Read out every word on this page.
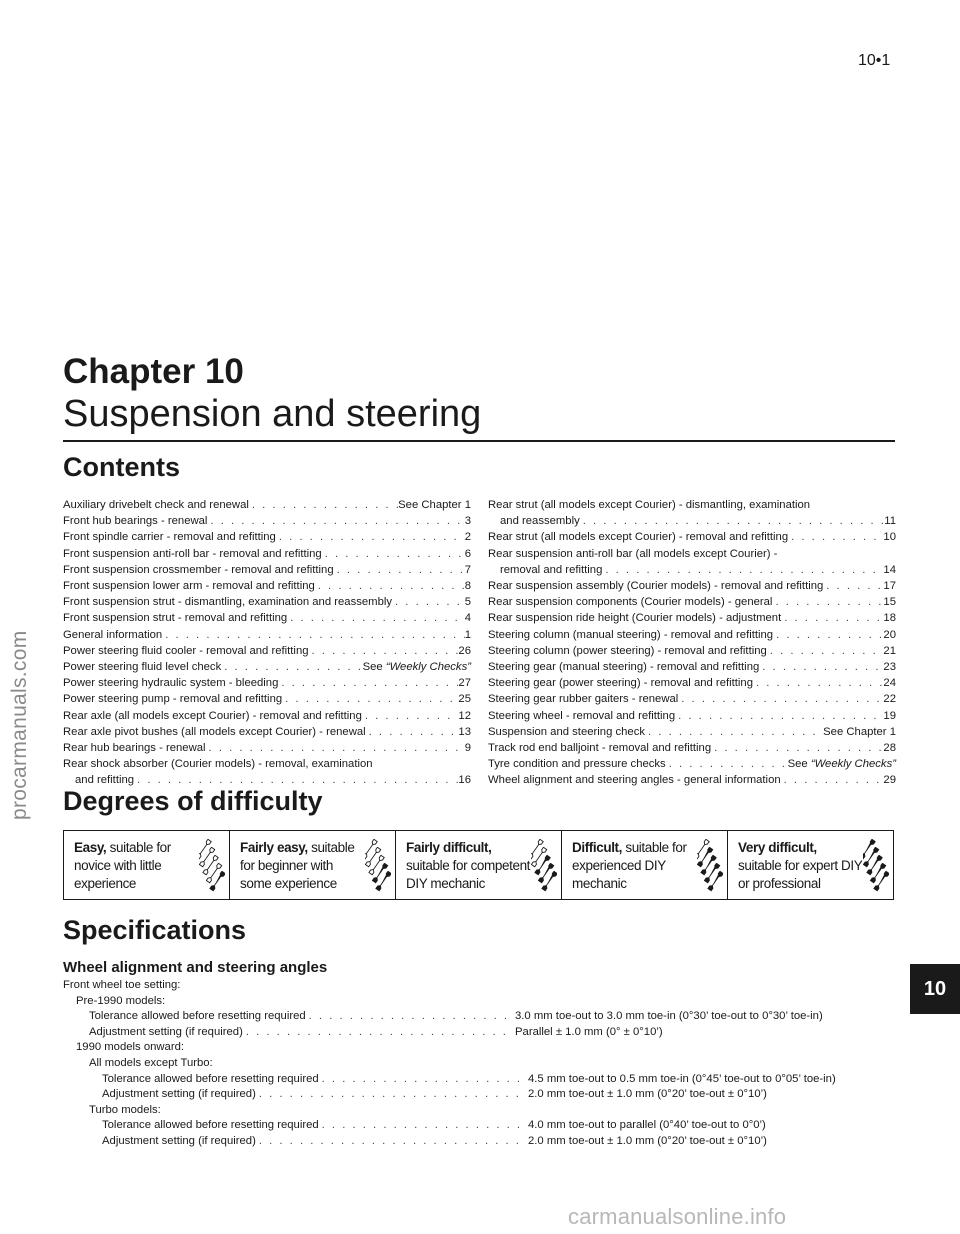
10•1
procarmanuals.com
Chapter 10
Suspension and steering
Contents
Auxiliary drivebelt check and renewal . . .	See Chapter 1
Front hub bearings - renewal . . .	3
Front spindle carrier - removal and refitting . . .	2
Front suspension anti-roll bar - removal and refitting . . .	6
Front suspension crossmember - removal and refitting . . .	7
Front suspension lower arm - removal and refitting . . .	8
Front suspension strut - dismantling, examination and reassembly . . .	5
Front suspension strut - removal and refitting . . .	4
General information . . .	1
Power steering fluid cooler - removal and refitting . . .	26
Power steering fluid level check . . .	See “Weekly Checks”
Power steering hydraulic system - bleeding . . .	27
Power steering pump - removal and refitting . . .	25
Rear axle (all models except Courier) - removal and refitting . . .	12
Rear axle pivot bushes (all models except Courier) - renewal . . .	13
Rear hub bearings - renewal . . .	9
Rear shock absorber (Courier models) - removal, examination
and refitting . . .	16
Rear strut (all models except Courier) - dismantling, examination
and reassembly . . .	11
Rear strut (all models except Courier) - removal and refitting . . .	10
Rear suspension anti-roll bar (all models except Courier) -
removal and refitting . . .	14
Rear suspension assembly (Courier models) - removal and refitting . . .	17
Rear suspension components (Courier models) - general . . .	15
Rear suspension ride height (Courier models) - adjustment . . .	18
Steering column (manual steering) - removal and refitting . . .	20
Steering column (power steering) - removal and refitting . . .	21
Steering gear (manual steering) - removal and refitting . . .	23
Steering gear (power steering) - removal and refitting . . .	24
Steering gear rubber gaiters - renewal . . .	22
Steering wheel - removal and refitting . . .	19
Suspension and steering check . . .	See Chapter 1
Track rod end balljoint - removal and refitting . . .	28
Tyre condition and pressure checks . . .	See “Weekly Checks”
Wheel alignment and steering angles - general information . . .	29
Degrees of difficulty
Easy, suitable for
novice with little
experience
Fairly easy, suitable
for beginner with
some experience
Fairly difficult,
suitable for competent
DIY mechanic
Difficult, suitable for
experienced DIY
mechanic
Very difficult,
suitable for expert DIY
or professional
Specifications
Wheel alignment and steering angles
Front wheel toe setting:
Pre-1990 models:
Tolerance allowed before resetting required . . .	3.0 mm toe-out to 3.0 mm toe-in (0°30’ toe-out to 0°30’ toe-in)
Adjustment setting (if required) . . .	Parallel ± 1.0 mm (0° ± 0°10’)
1990 models onward:
All models except Turbo:
Tolerance allowed before resetting required . . .	4.5 mm toe-out to 0.5 mm toe-in (0°45’ toe-out to 0°05’ toe-in)
Adjustment setting (if required) . . .	2.0 mm toe-out ± 1.0 mm (0°20’ toe-out ± 0°10’)
Turbo models:
Tolerance allowed before resetting required . . .	4.0 mm toe-out to parallel (0°40’ toe-out to 0°0’)
Adjustment setting (if required) . . .	2.0 mm toe-out ± 1.0 mm (0°20’ toe-out ± 0°10’)
10
carmanualsonline.info
